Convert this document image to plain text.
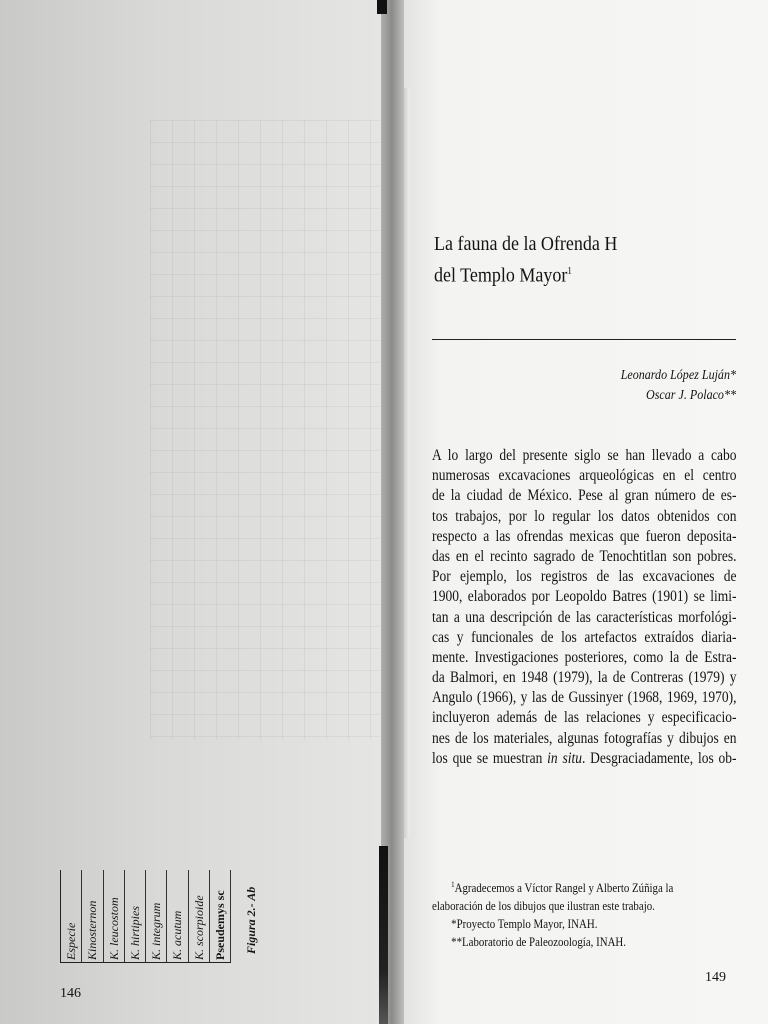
Especie Kinosternon K. leucostom K. hirtipies K. integrum K. acutum K. scorpioide Pseudemys sc Figura 2.- Ab
146
La fauna de la Ofrenda H
del Templo Mayor$^1$
Leonardo López Luján*
Oscar J. Polaco**
A lo largo del presente siglo se han llevado a cabo
numerosas excavaciones arqueológicas en el centro
de la ciudad de México. Pese al gran número de es-
tos trabajos, por lo regular los datos obtenidos con
respecto a las ofrendas mexicas que fueron deposita-
das en el recinto sagrado de Tenochtitlan son pobres.
Por ejemplo, los registros de las excavaciones de
1900, elaborados por Leopoldo Batres (1901) se limi-
tan a una descripción de las características morfológi-
cas y funcionales de los artefactos extraídos diaria-
mente. Investigaciones posteriores, como la de Estra-
da Balmori, en 1948 (1979), la de Contreras (1979) y
Angulo (1966), y las de Gussinyer (1968, 1969, 1970),
incluyeron además de las relaciones y especificacio-
nes de los materiales, algunas fotografías y dibujos en
los que se muestran in situ. Desgraciadamente, los ob-
$^1$Agradecemos a Víctor Rangel y Alberto Zúñiga la
elaboración de los dibujos que ilustran este trabajo.
*Proyecto Templo Mayor, INAH.
**Laboratorio de Paleozoología, INAH.
149
